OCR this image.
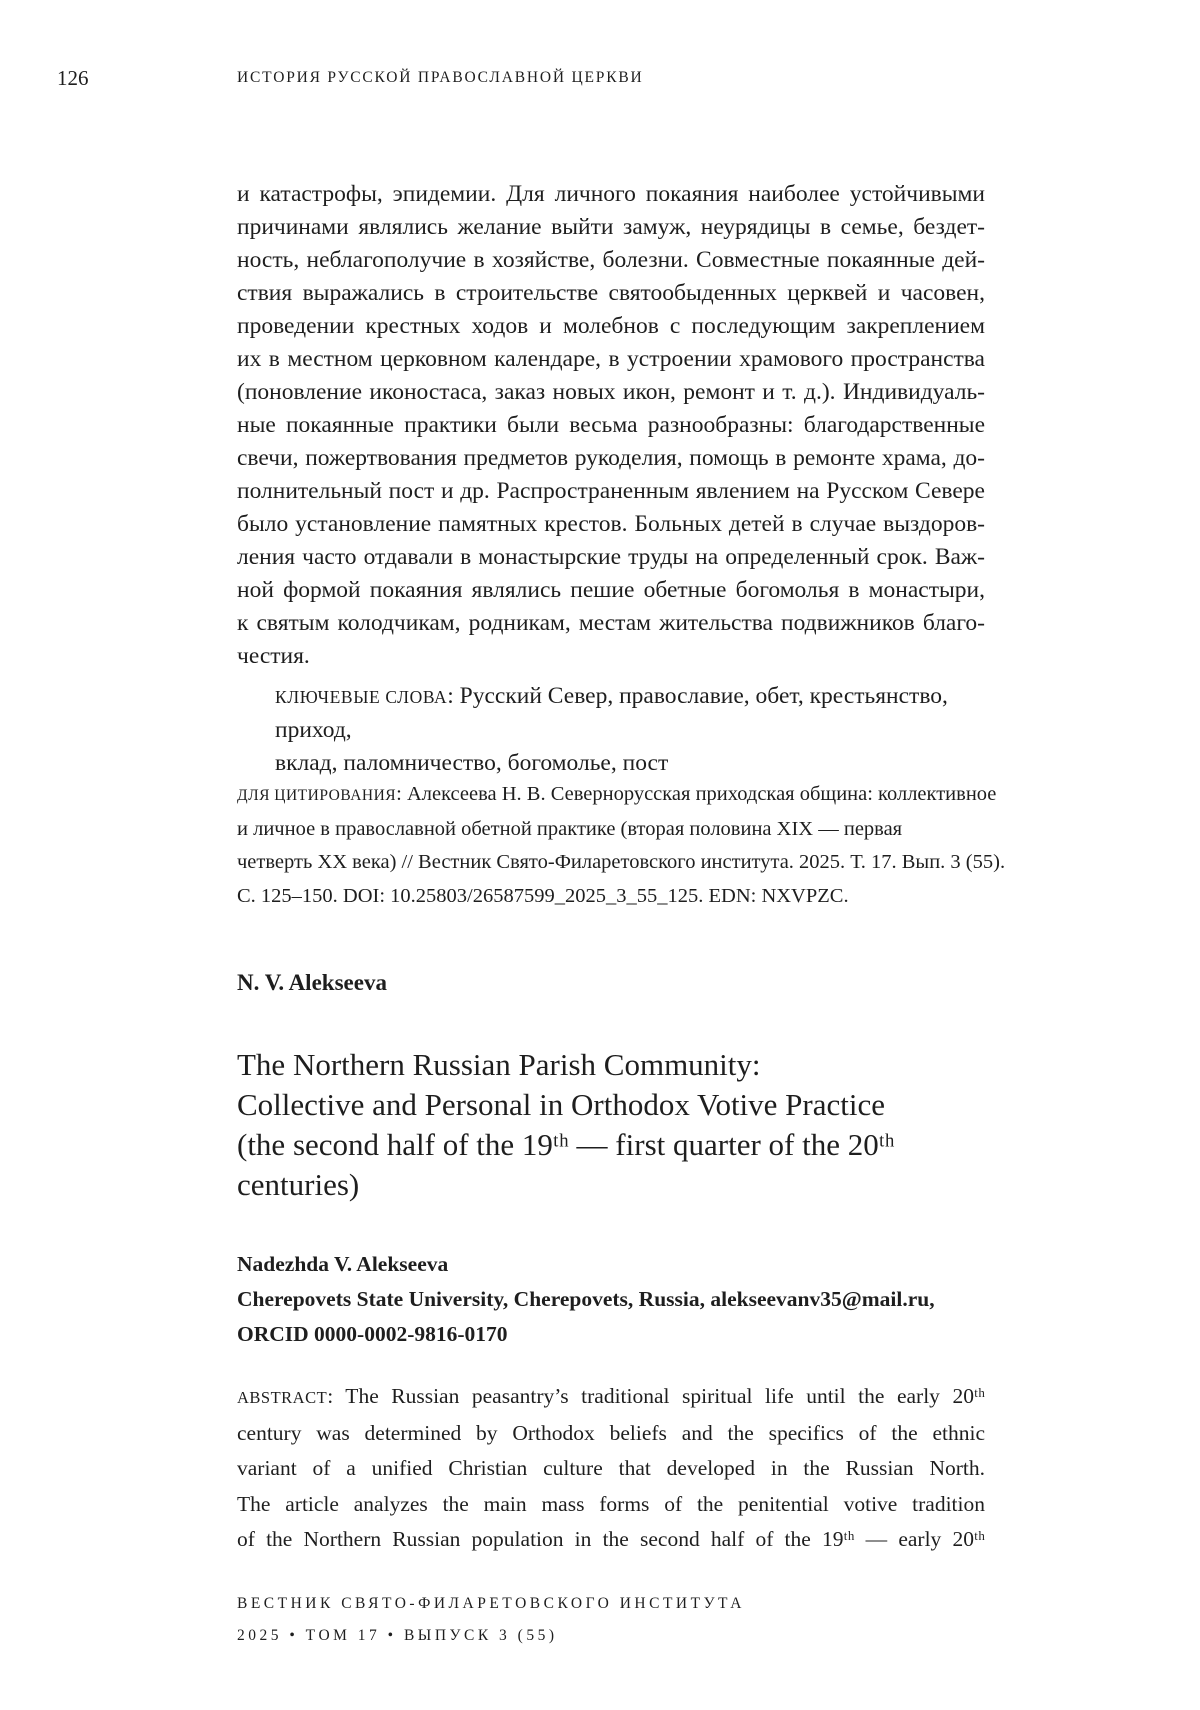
126	ИСТОРИЯ РУССКОЙ ПРАВОСЛАВНОЙ ЦЕРКВИ
и катастрофы, эпидемии. Для личного покаяния наиболее устойчивыми
причинами являлись желание выйти замуж, неурядицы в семье, бездет-
ность, неблагополучие в хозяйстве, болезни. Совместные покаянные дей-
ствия выражались в строительстве святообыденных церквей и часовен,
проведении крестных ходов и молебнов с последующим закреплением
их в местном церковном календаре, в устроении храмового пространства
(поновление иконостаса, заказ новых икон, ремонт и т. д.). Индивидуаль-
ные покаянные практики были весьма разнообразны: благодарственные
свечи, пожертвования предметов рукоделия, помощь в ремонте храма, до-
полнительный пост и др. Распространенным явлением на Русском Севере
было установление памятных крестов. Больных детей в случае выздоров-
ления часто отдавали в монастырские труды на определенный срок. Важ-
ной формой покаяния являлись пешие обетные богомолья в монастыри,
к святым колодчикам, родникам, местам жительства подвижников благо-
честия.
КЛЮЧЕВЫЕ СЛОВА: Русский Север, православие, обет, крестьянство, приход,
вклад, паломничество, богомолье, пост
ДЛЯ ЦИТИРОВАНИЯ: Алексеева Н. В. Севернорусская приходская община: коллективное
и личное в православной обетной практике (вторая половина XIX — первая
четверть XX века) // Вестник Свято-Филаретовского института. 2025. Т. 17. Вып. 3 (55).
С. 125–150. DOI: 10.25803/26587599_2025_3_55_125. EDN: NXVPZC.
N. V. Alekseeva
The Northern Russian Parish Community:
Collective and Personal in Orthodox Votive Practice
(the second half of the 19ᵗʰ — first quarter of the 20ᵗʰ
centuries)
Nadezhda V. Alekseeva
Cherepovets State University, Cherepovets, Russia, alekseevanv35@mail.ru,
ORCID 0000-0002-9816-0170
ABSTRACT: The Russian peasantry’s traditional spiritual life until the early 20ᵗʰ
century was determined by Orthodox beliefs and the specifics of the ethnic
variant of a unified Christian culture that developed in the Russian North.
The article analyzes the main mass forms of the penitential votive tradition
of the Northern Russian population in the second half of the 19ᵗʰ — early 20ᵗʰ
ВЕСТНИК СВЯТО-ФИЛАРЕТОВСКОГО ИНСТИТУТА
2025 • ТОМ 17 • ВЫПУСК 3 (55)
